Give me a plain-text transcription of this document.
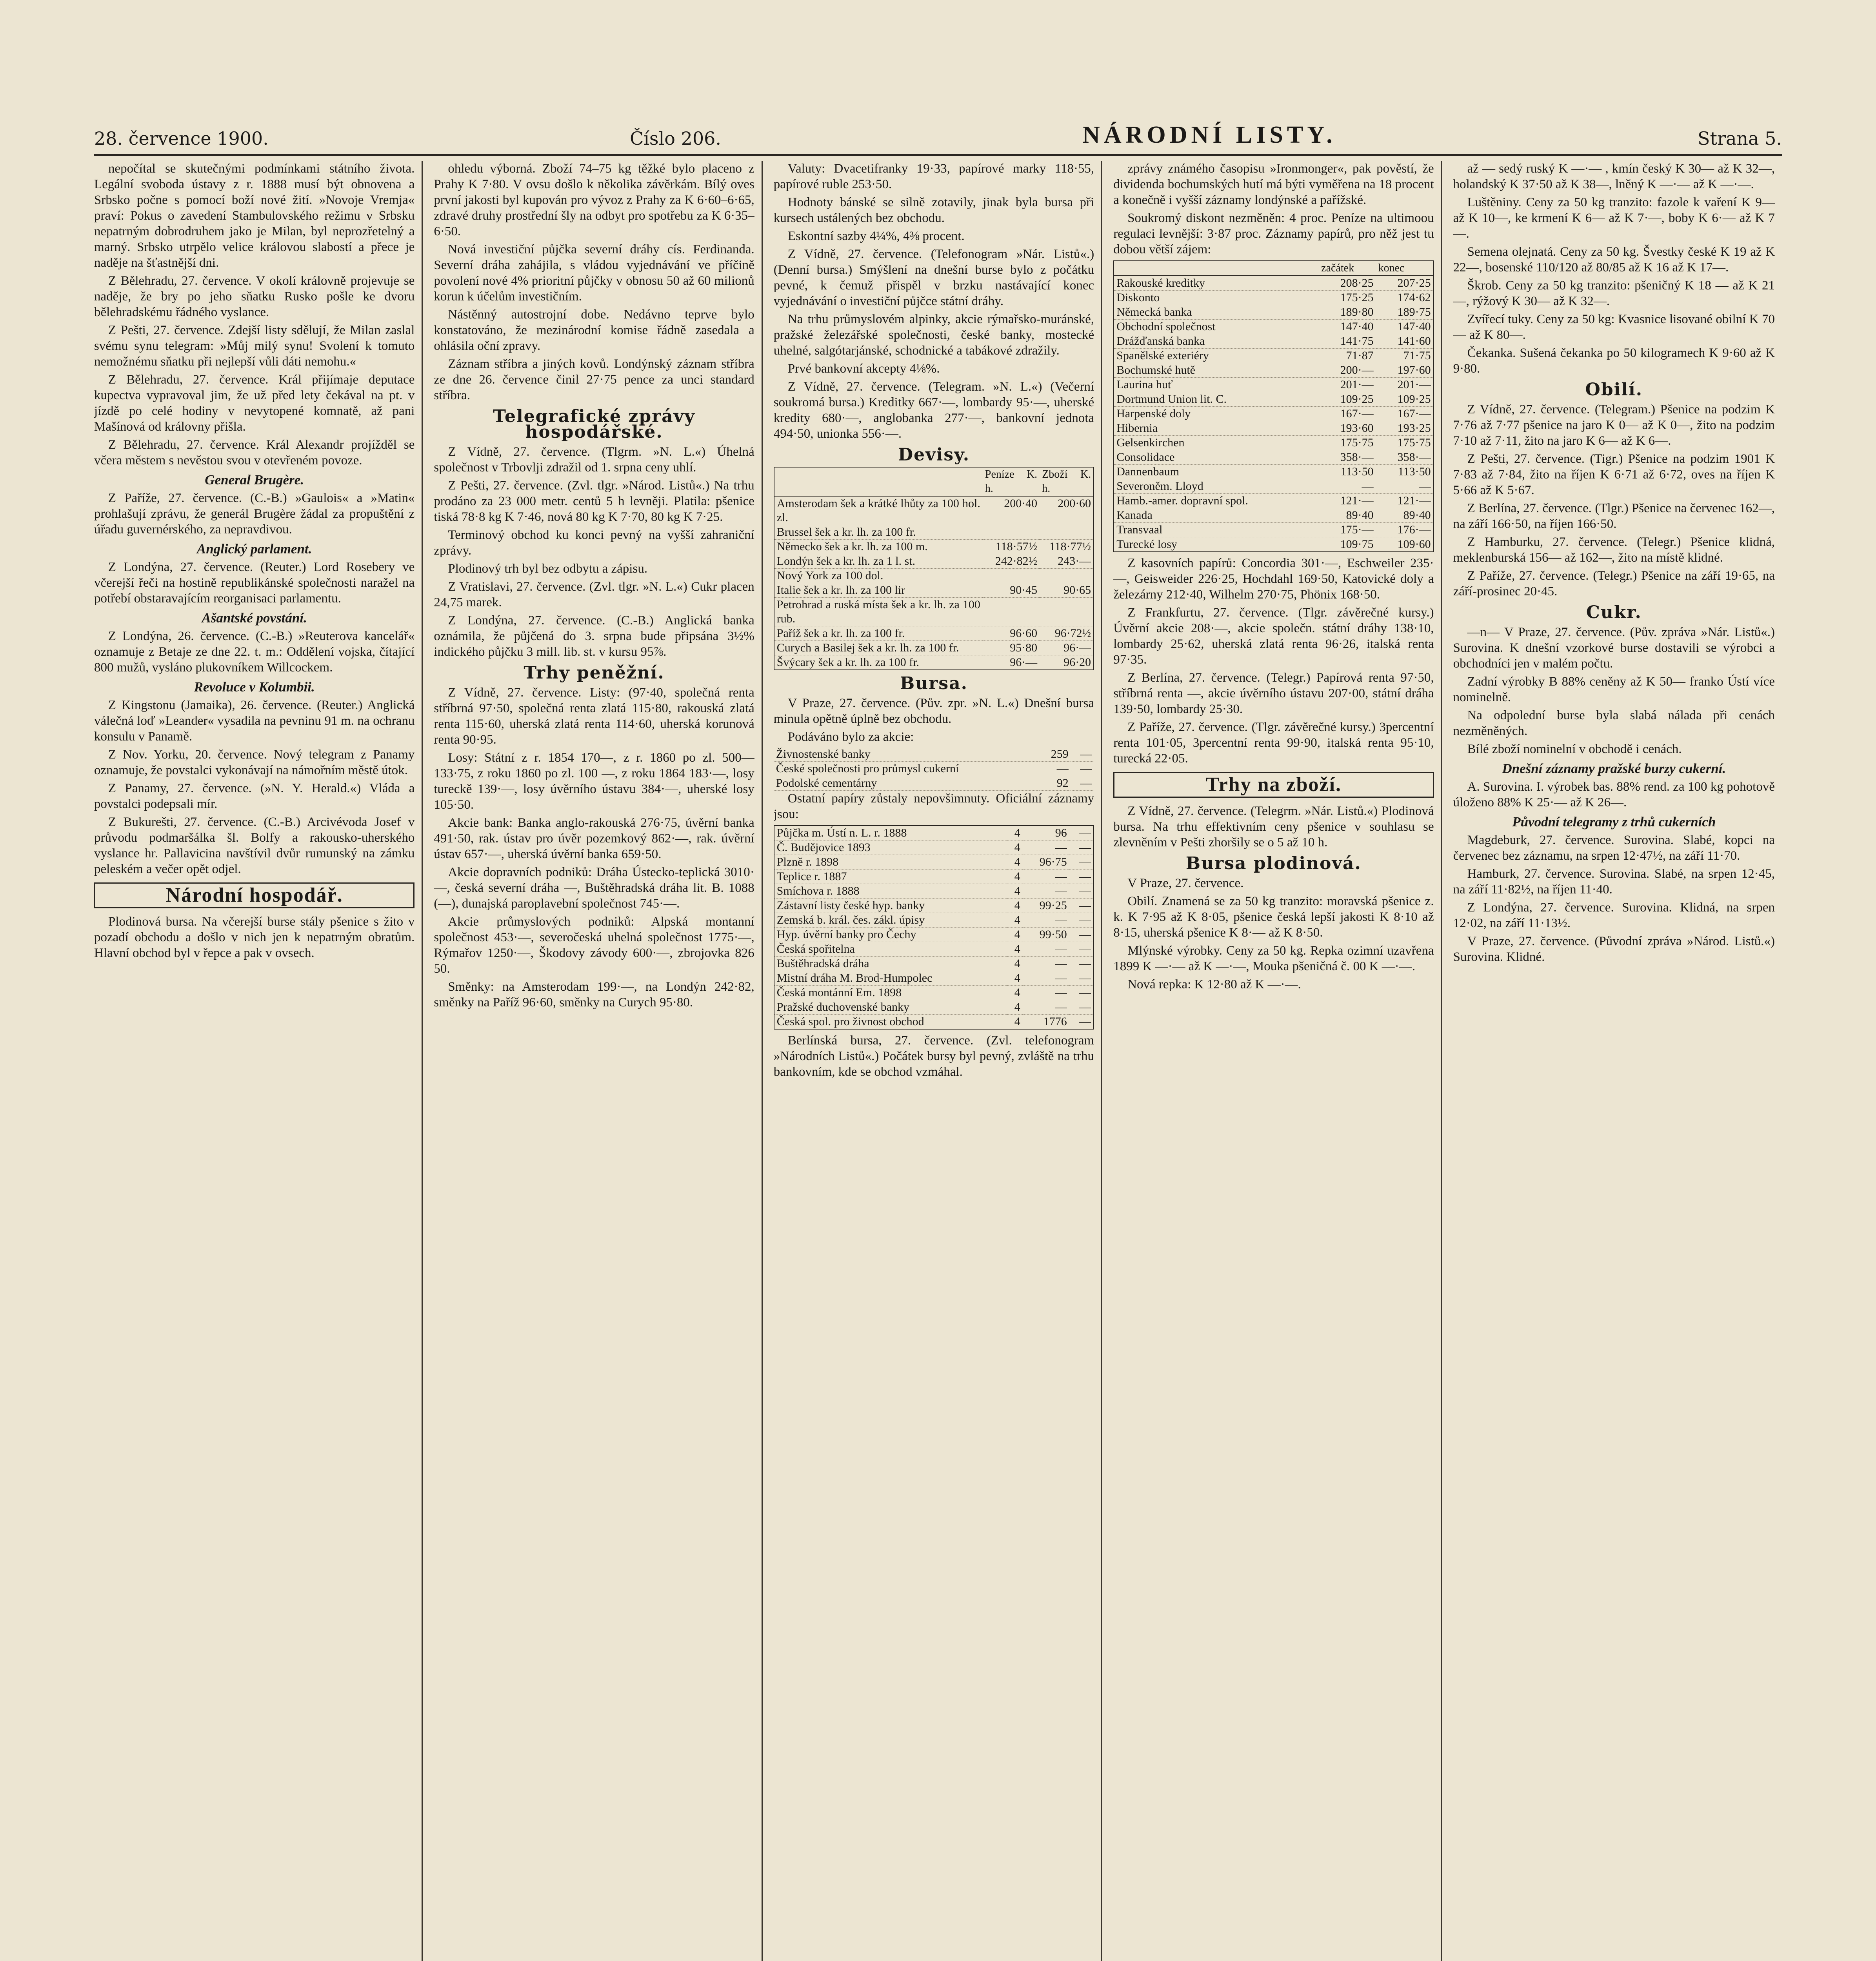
28. července 1900.	Číslo 206.	NÁRODNÍ LISTY.	Strana 5.

nepočítal se skutečnými podmínkami státního života. Legální svoboda ústavy z r. 1888 musí být obnovena a Srbsko počne s pomocí boží nové žití. »Novoje Vremja« praví: Pokus o zavedení Stambulovského režimu v Srbsku nepatrným dobrodruhem jako je Milan, byl neprozřetelný a marný. Srbsko utrpělo velice královou slabostí a přece je naděje na šťastnější dni.

Z Bělehradu, 27. července. V okolí královně projevuje se naděje, že bry po jeho sňatku Rusko pošle ke dvoru bělehradskému řádného vyslance.

Z Pešti, 27. července. Zdejší listy sdělují, že Milan zaslal svému synu telegram: »Můj milý synu! Svolení k tomuto nemožnému sňatku při nejlepší vůli dáti nemohu.«

Z Bělehradu, 27. července. Král přijímaje deputace kupectva vypravoval jim, že už před lety čekával na pt. v jízdě po celé hodiny v nevytopené komnatě, až pani Mašínová od královny přišla.

Z Bělehradu, 27. července. Král Alexandr projížděl se včera městem s nevěstou svou v otevřeném povoze.

General Brugère.

Z Paříže, 27. července. (C.-B.) »Gaulois« a »Matin« prohlašují zprávu, že generál Brugère žádal za propuštění z úřadu guvernérského, za nepravdivou.

Anglický parlament.

Z Londýna, 27. července. (Reuter.) Lord Rosebery ve včerejší řeči na hostině republikánské společnosti naražel na potřebí obstaravajícím reorganisaci parlamentu.

Ašantské povstání.

Z Londýna, 26. července. (C.-B.) »Reuterova kancelář« oznamuje z Betaje ze dne 22. t. m.: Oddělení vojska, čítající 800 mužů, vysláno plukovníkem Willcockem.

Revoluce v Kolumbii.

Z Kingstonu (Jamaika), 26. července. (Reuter.) Anglická válečná loď »Leander« vysadila na pevninu 91 m. na ochranu konsulu v Panamě.

Z Nov. Yorku, 20. července. Nový telegram z Panamy oznamuje, že povstalci vykonávají na námořním městě útok.

Z Panamy, 27. července. (»N. Y. Herald.«) Vláda a povstalci podepsali mír.

Z Bukurešti, 27. července. (C.-B.) Arcivévoda Josef v průvodu podmaršálka šl. Bolfy a rakousko-uherského vyslance hr. Pallavicina navštívil dvůr rumunský na zámku peleském a večer opět odjel.

Národní hospodář.

Plodinová bursa. Na včerejší burse stály pšenice s žito v pozadí obchodu a došlo v nich jen k nepatrným obratům. Hlavní obchod byl v řepce a pak v ovsech.

ohledu výborná. Zboží 74–75 kg těžké bylo placeno z Prahy K 7·80. V ovsu došlo k několika závěrkám. Bílý oves první jakosti byl kupován pro vývoz z Prahy za K 6·60–6·65, zdravé druhy prostřední šly na odbyt pro spotřebu za K 6·35–6·50.

Nová investiční půjčka severní dráhy cís. Ferdinanda. Severní dráha zahájila, s vládou vyjednávání ve příčině povolení nové 4% prioritní půjčky v obnosu 50 až 60 milionů korun k účelům investičním.

Nástěnný autostrojní dobe. Nedávno teprve bylo konstatováno, že mezinárodní komise řádně zasedala a ohlásila oční zpravy.

Záznam stříbra a jiných kovů. Londýnský záznam stříbra ze dne 26. července činil 27·75 pence za unci standard stříbra.

Telegrafické zprávy hospodářské.

Z Vídně, 27. července. (Tlgrm. »N. L.«) Úhelná společnost v Trbovlji zdražil od 1. srpna ceny uhlí.

Z Pešti, 27. července. (Zvl. tlgr. »Národ. Listů«.) Na trhu prodáno za 23 000 metr. centů 5 h levněji. Platila: pšenice tiská 78·8 kg K 7·46, nová 80 kg K 7·70, 80 kg K 7·25.

Terminový obchod ku konci pevný na vyšší zahraniční zprávy.

Plodinový trh byl bez odbytu a zápisu.

Z Vratislavi, 27. července. (Zvl. tlgr. »N. L.«) Cukr placen 24,75 marek.

Z Londýna, 27. července. (C.-B.) Anglická banka oznámila, že půjčená do 3. srpna bude připsána 3½% indického půjčku 3 mill. lib. st. v kursu 95⅞.

Trhy peněžní.

Z Vídně, 27. července. Listy: (97·40, společná renta stříbrná 97·50, společná renta zlatá 115·80, rakouská zlatá renta 115·60, uherská zlatá renta 114·60, uherská korunová renta 90·95.

Losy: Státní z r. 1854 170—, z r. 1860 po zl. 500— 133·75, z roku 1860 po zl. 100 —, z roku 1864 183·—, losy tureckě 139·—, losy úvěrního ústavu 384·—, uherské losy 105·50.

Akcie bank: Banka anglo-rakouská 276·75, úvěrní banka 491·50, rak. ústav pro úvěr pozemkový 862·—, rak. úvěrní ústav 657·—, uherská úvěrní banka 659·50.

Akcie dopravních podniků: Dráha Ústecko-teplická 3010·—, česká severní dráha —, Buštěhradská dráha lit. B. 1088 (—), dunajská paroplavební společnost 745·—.

Akcie průmyslových podniků: Alpská montanní společnost 453·—, severočeská uhelná společnost 1775·—, Rýmařov 1250·—, Škodovy závody 600·—, zbrojovka 826 50.

Směnky: na Amsterodam 199·—, na Londýn 242·82, směnky na Paříž 96·60, směnky na Curych 95·80.

Valuty: Dvacetifranky 19·33, papírové marky 118·55, papírové ruble 253·50.

Hodnoty bánské se silně zotavily, jinak byla bursa při kursech ustálených bez obchodu.

Eskontní sazby 4¼%, 4⅜ procent.

Z Vídně, 27. července. (Telefonogram »Nár. Listů«.) (Denní bursa.) Smýšlení na dnešní burse bylo z počátku pevné, k čemuž přispěl v brzku nastávající konec vyjednávání o investiční půjčce státní dráhy.

Na trhu průmyslovém alpinky, akcie rýmařsko-muránské, pražské železářské společnosti, české banky, mostecké uhelné, salgótarjánské, schodnické a tabákové zdražily.

Prvé bankovní akcepty 4⅛%.

Z Vídně, 27. července. (Telegram. »N. L.«) (Večerní soukromá bursa.) Kreditky 667·—, lombardy 95·—, uherské kredity 680·—, anglobanka 277·—, bankovní jednota 494·50, unionka 556·—.

Devisy.
	Peníze K. h.	Zboží K. h.
Amsterodam šek a krátké lhůty za 100 hol. zl.	200·40	200·60
Brussel šek a kr. lh. za 100 fr.		
Německo šek a kr. lh. za 100 m.	118·57½	118·77½
Londýn šek a kr. lh. za 1 l. st.	242·82½	243·—
Nový York za 100 dol.		
Italie šek a kr. lh. za 100 lir	90·45	90·65
Petrohrad a ruská místa šek a kr. lh. za 100 rub.		
Paříž šek a kr. lh. za 100 fr.	96·60	96·72½
Curych a Basilej šek a kr. lh. za 100 fr.	95·80	96·—
Švýcary šek a kr. lh. za 100 fr.	96·—	96·20
Bursa.

V Praze, 27. července. (Pův. zpr. »N. L.«) Dnešní bursa minula opětně úplně bez obchodu.

Podáváno bylo za akcie:

Živnostenské banky	259	—
České společnosti pro průmysl cukerní	—	—
Podolské cementárny	92	—

Ostatní papíry zůstaly nepovšimnuty. Oficiální záznamy jsou:

Půjčka m. Ústí n. L. r. 1888	4	96	—
Č. Budějovice 1893	4	—	—
Plzně r. 1898	4	96·75	—
Teplice r. 1887	4	—	—
Smíchova r. 1888	4	—	—
Zástavní listy české hyp. banky	4	99·25	—
Zemská b. král. čes. zákl. úpisy	4	—	—
Hyp. úvěrní banky pro Čechy	4	99·50	—
Česká spořitelna	4	—	—
Buštěhradská dráha	4	—	—
Mistní dráha M. Brod-Humpolec	4	—	—
Česká montánní Em. 1898	4	—	—
Pražské duchovenské banky	4	—	—
Česká spol. pro živnost obchod	4	1776	—

Berlínská bursa, 27. července. (Zvl. telefonogram »Národních Listů«.) Počátek bursy byl pevný, zvláště na trhu bankovním, kde se obchod vzmáhal.

zprávy známého časopisu »Ironmonger«, pak pověstí, že dividenda bochumských hutí má býti vyměřena na 18 procent a konečně i vyšší záznamy londýnské a pařížské.

Soukromý diskont nezměněn: 4 proc. Peníze na ultimoou regulaci levnější: 3·87 proc. Záznamy papírů, pro něž jest tu dobou větší zájem:

	začátek	konec
Rakouské kreditky	208·25	207·25
Diskonto	175·25	174·62
Německá banka	189·80	189·75
Obchodní společnost	147·40	147·40
Drážďanská banka	141·75	141·60
Spanělské exteriéry	71·87	71·75
Bochumské hutě	200·—	197·60
Laurina huť	201·—	201·—
Dortmund Union lit. C.	109·25	109·25
Harpenské doly	167·—	167·—
Hibernia	193·60	193·25
Gelsenkirchen	175·75	175·75
Consolidace	358·—	358·—
Dannenbaum	113·50	113·50
Severoněm. Lloyd	—	—
Hamb.-amer. dopravní spol.	121·—	121·—
Kanada	89·40	89·40
Transvaal	175·—	176·—
Turecké losy	109·75	109·60

Z kasovních papírů: Concordia 301·—, Eschweiler 235·—, Geisweider 226·25, Hochdahl 169·50, Katovické doly a železárny 212·40, Wilhelm 270·75, Phönix 168·50.

Z Frankfurtu, 27. července. (Tlgr. závěrečné kursy.) Úvěrní akcie 208·—, akcie společn. státní dráhy 138·10, lombardy 25·62, uherská zlatá renta 96·26, italská renta 97·35.

Z Berlína, 27. července. (Telegr.) Papírová renta 97·50, stříbrná renta —, akcie úvěrního ústavu 207·00, státní dráha 139·50, lombardy 25·30.

Z Paříže, 27. července. (Tlgr. závěrečné kursy.) 3percentní renta 101·05, 3percentní renta 99·90, italská renta 95·10, turecká 22·05.

Trhy na zboží.

Z Vídně, 27. července. (Telegrm. »Nár. Listů.«) Plodinová bursa. Na trhu effektivním ceny pšenice v souhlasu se zlevněním v Pešti zhoršily se o 5 až 10 h.

Bursa plodinová.

V Praze, 27. července.

Obilí. Znamená se za 50 kg tranzito: moravská pšenice z. k. K 7·95 až K 8·05, pšenice česká lepší jakosti K 8·10 až 8·15, uherská pšenice K 8·— až K 8·50.

Mlýnské výrobky. Ceny za 50 kg. Repka ozimní uzavřena 1899 K —·— až K —·—, Mouka pšeničná č. 00 K —·—.

Nová repka: K 12·80 až K —·—.

až — sedý ruský K —·— , kmín český K 30— až K 32—, holandský K 37·50 až K 38—, lněný K —·— až K —·—.

Luštěniny. Ceny za 50 kg tranzito: fazole k vaření K 9— až K 10—, ke krmení K 6— až K 7·—, boby K 6·— až K 7—.

Semena olejnatá. Ceny za 50 kg. Švestky české K 19 až K 22—, bosenské 110/120 až 80/85 až K 16 až K 17—.

Škrob. Ceny za 50 kg tranzito: pšeničný K 18 — až K 21—, rýžový K 30— až K 32—.

Zvířecí tuky. Ceny za 50 kg: Kvasnice lisované obilní K 70— až K 80—.

Čekanka. Sušená čekanka po 50 kilogramech K 9·60 až K 9·80.

Obilí.

Z Vídně, 27. července. (Telegram.) Pšenice na podzim K 7·76 až 7·77 pšenice na jaro K 0— až K 0—, žito na podzim 7·10 až 7·11, žito na jaro K 6— až K 6—.

Z Pešti, 27. července. (Tigr.) Pšenice na podzim 1901 K 7·83 až 7·84, žito na říjen K 6·71 až 6·72, oves na říjen K 5·66 až K 5·67.

Z Berlína, 27. července. (Tlgr.) Pšenice na červenec 162—, na září 166·50, na říjen 166·50.

Z Hamburku, 27. července. (Telegr.) Pšenice klidná, meklenburská 156— až 162—, žito na místě klidné.

Z Paříže, 27. července. (Telegr.) Pšenice na září 19·65, na září-prosinec 20·45.

Cukr.

—n— V Praze, 27. července. (Pův. zpráva »Nár. Listů«.) Surovina. K dnešní vzorkové burse dostavili se výrobci a obchodníci jen v malém počtu.

Zadní výrobky B 88% ceněny až K 50— franko Ústí více nominelně.

Na odpolední burse byla slabá nálada při cenách nezměněných.

Bílé zboží nominelní v obchodě i cenách.

Dnešní záznamy pražské burzy cukerní.

A. Surovina. I. výrobek bas. 88% rend. za 100 kg pohotově úloženo 88% K 25·— až K 26—.

Původní telegramy z trhů cukerních

Magdeburk, 27. července. Surovina. Slabé, kopci na červenec bez záznamu, na srpen 12·47½, na září 11·70.

Hamburk, 27. července. Surovina. Slabé, na srpen 12·45, na září 11·82½, na říjen 11·40.

Z Londýna, 27. července. Surovina. Klidná, na srpen 12·02, na září 11·13½.

V Praze, 27. července. (Původní zpráva »Národ. Listů.«) Surovina. Klidné.
